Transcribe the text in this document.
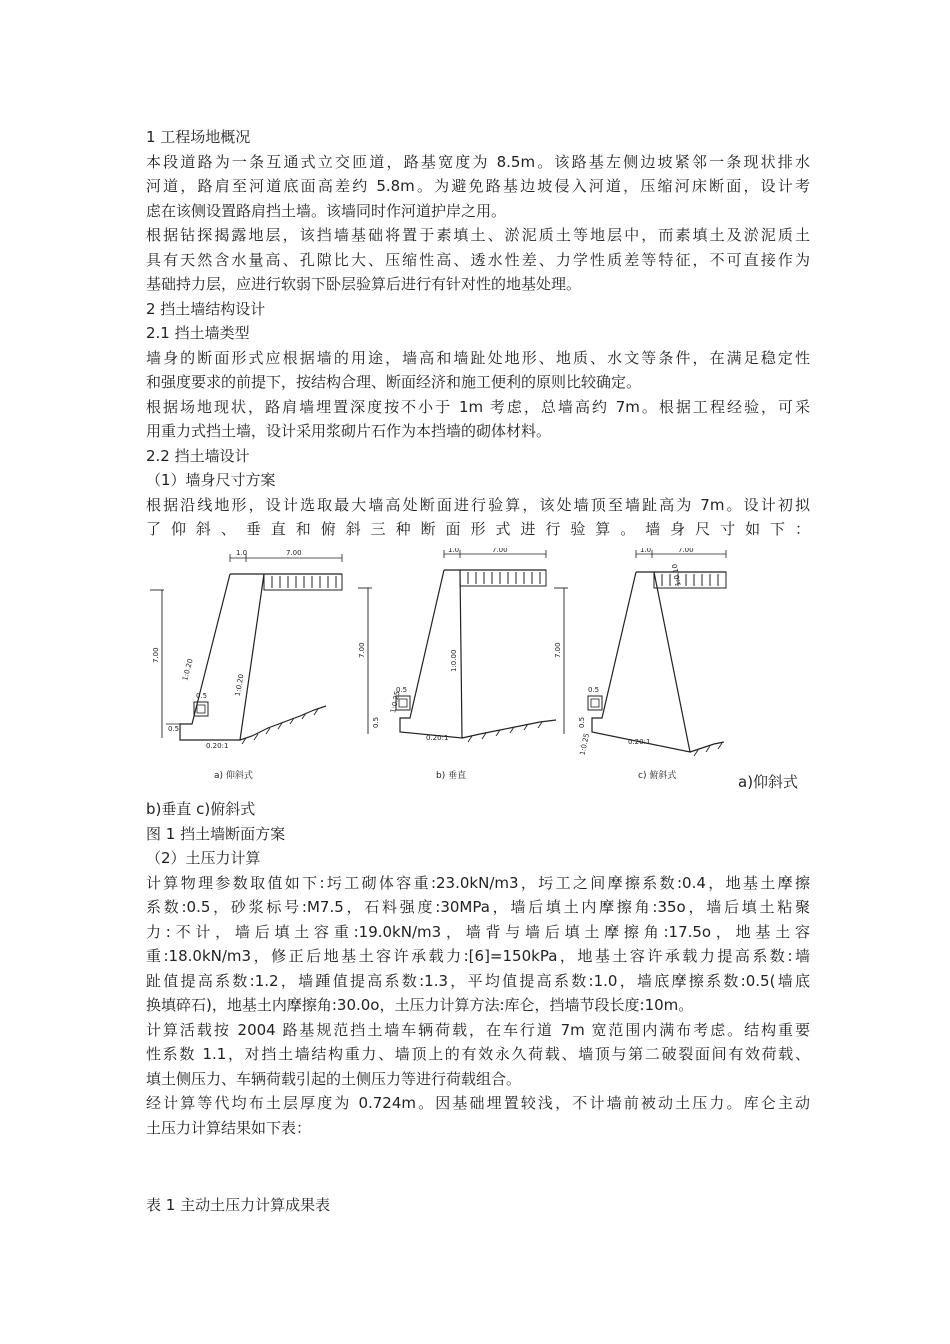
1 工程场地概况

本段道路为一条互通式立交匝道，路基宽度为 8.5m。该路基左侧边坡紧邻一条现状排水

河道，路肩至河道底面高差约 5.8m。为避免路基边坡侵入河道，压缩河床断面，设计考

虑在该侧设置路肩挡土墙。该墙同时作河道护岸之用。

根据钻探揭露地层，该挡墙基础将置于素填土、淤泥质土等地层中，而素填土及淤泥质土

具有天然含水量高、孔隙比大、压缩性高、透水性差、力学性质差等特征，不可直接作为

基础持力层，应进行软弱下卧层验算后进行有针对性的地基处理。

2 挡土墙结构设计

2.1 挡土墙类型

墙身的断面形式应根据墙的用途，墙高和墙趾处地形、地质、水文等条件，在满足稳定性

和强度要求的前提下，按结构合理、断面经济和施工便利的原则比较确定。

根据场地现状，路肩墙埋置深度按不小于 1m 考虑，总墙高约 7m。根据工程经验，可采

用重力式挡土墙，设计采用浆砌片石作为本挡墙的砌体材料。

2.2 挡土墙设计

（1）墙身尺寸方案

根据沿线地形，设计选取最大墙高处断面进行验算，该处墙顶至墙趾高为 7m。设计初拟

了 仰 斜 、 垂 直 和 俯 斜 三 种 断 面 形 式 进 行 验 算 。 墙 身 尺 寸 如 下 ：

1.0	7.00
7.00
0.5
0.5
0.20:1
1:0.20
1:0.20
a) 仰斜式
1.0	7.00
7.00
0.5
0.5
0.20:1
1:0.25
1:0.00
b) 垂直
1.0	7.00
7.00
0.5
0.5
0.20:1
1:0.25
1:0.10
c) 俯斜式	a)仰斜式

b)垂直 c)俯斜式

图 1 挡土墙断面方案

（2）土压力计算

计算物理参数取值如下:圬工砌体容重:23.0kN/m3，圬工之间摩擦系数:0.4，地基土摩擦

系数:0.5，砂浆标号:M7.5，石料强度:30MPa，墙后填土内摩擦角:35o，墙后填土粘聚

力:不计，墙后填土容重:19.0kN/m3，墙背与墙后填土摩擦角:17.5o，地基土容

重:18.0kN/m3，修正后地基土容许承载力:[6]=150kPa，地基土容许承载力提高系数:墙

趾值提高系数:1.2，墙踵值提高系数:1.3，平均值提高系数:1.0，墙底摩擦系数:0.5(墙底

换填碎石)，地基土内摩擦角:30.0o，土压力计算方法:库仑，挡墙节段长度:10m。

计算活载按 2004 路基规范挡土墙车辆荷载，在车行道 7m 宽范围内满布考虑。结构重要

性系数 1.1，对挡土墙结构重力、墙顶上的有效永久荷载、墙顶与第二破裂面间有效荷载、

填土侧压力、车辆荷载引起的土侧压力等进行荷载组合。

经计算等代均布土层厚度为 0.724m。因基础埋置较浅，不计墙前被动土压力。库仑主动

土压力计算结果如下表：

表 1 主动土压力计算成果表
